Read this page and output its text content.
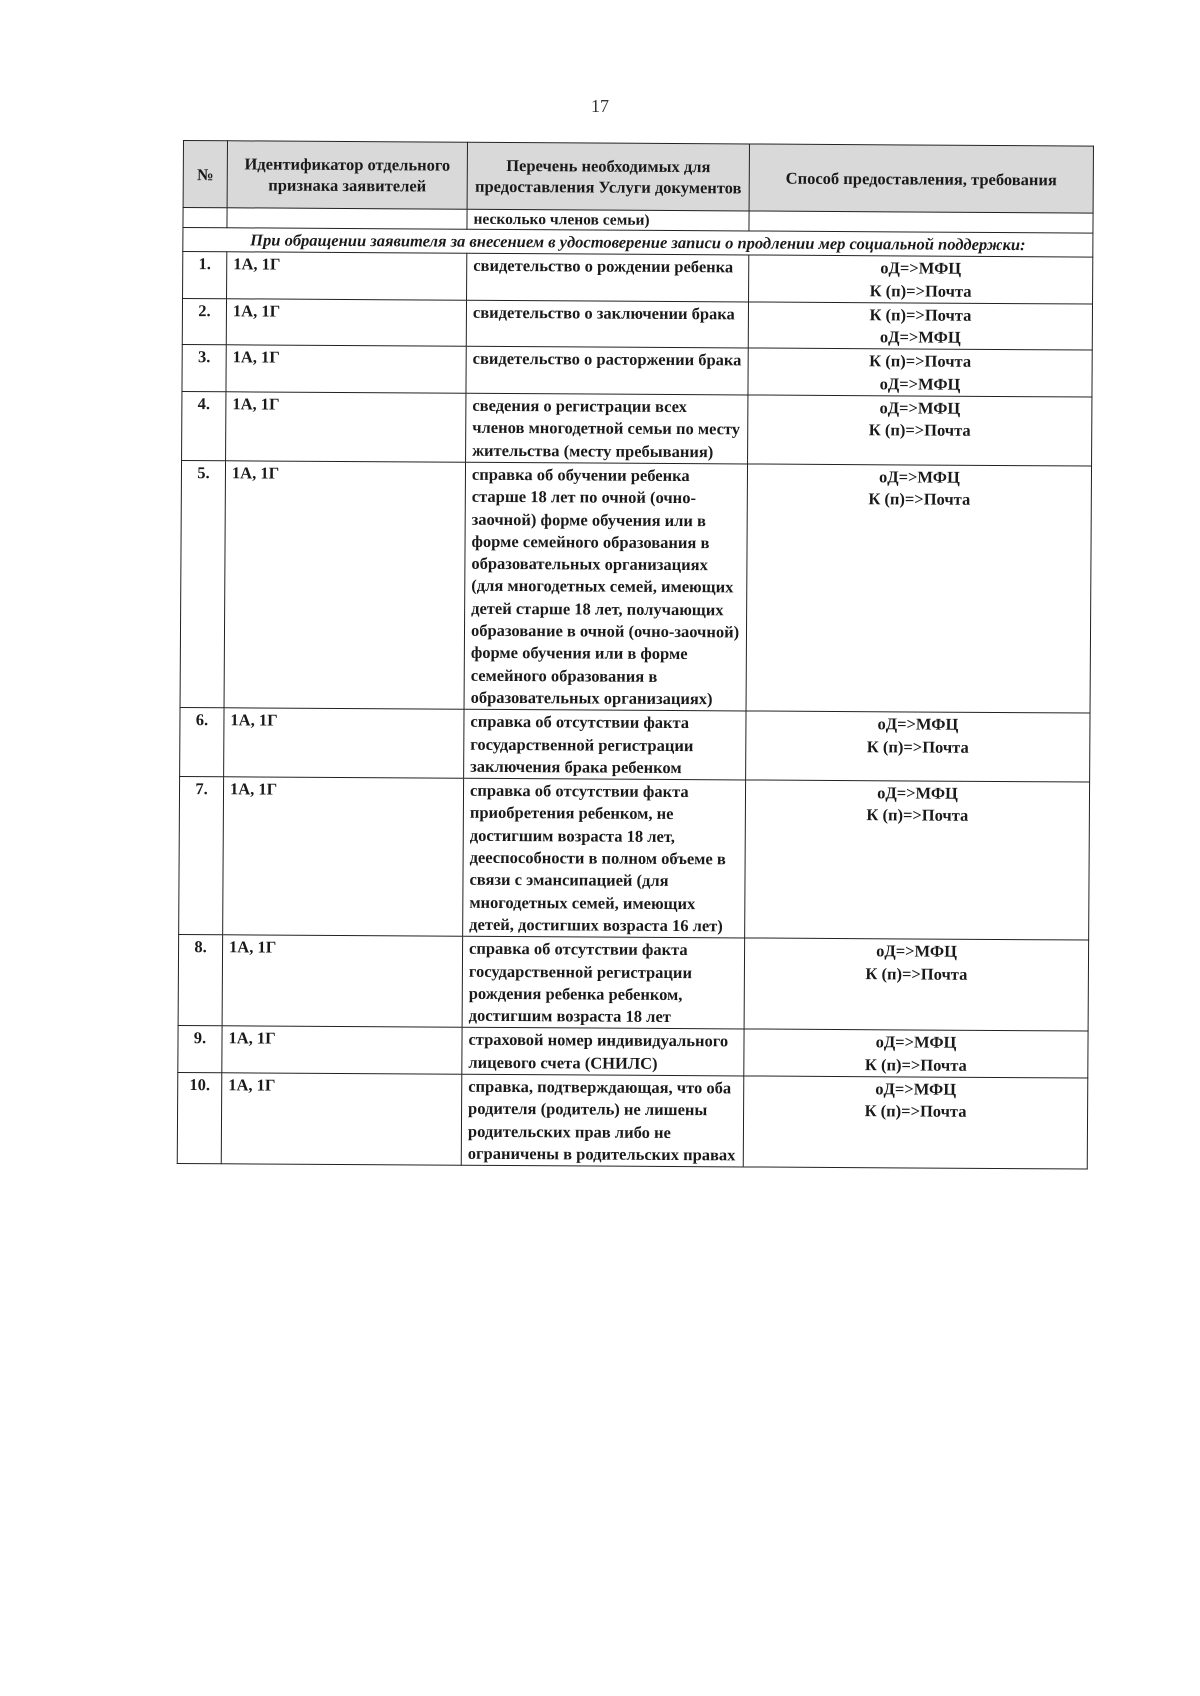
17
№	Идентификатор отдельного признака заявителей	Перечень необходимых для предоставления Услуги документов	Способ предоставления, требования
		несколько членов семьи)	
При обращении заявителя за внесением в удостоверение записи о продлении мер социальной поддержки:			
1.	1А, 1Г	свидетельство о рождении ребенка	оД=>МФЦ
К (п)=>Почта

2.	1А, 1Г	свидетельство о заключении брака	К (п)=>Почта
оД=>МФЦ

3.	1А, 1Г	свидетельство о расторжении брака	К (п)=>Почта
оД=>МФЦ

4.	1А, 1Г	сведения о регистрации всех членов многодетной семьи по месту жительства (месту пребывания)	оД=>МФЦ
К (п)=>Почта

5.	1А, 1Г	справка об обучении ребенка старше 18 лет по очной (очно-заочной) форме обучения или в форме семейного образования в образовательных организациях (для многодетных семей, имеющих детей старше 18 лет, получающих образование в очной (очно-заочной) форме обучения или в форме семейного образования в образовательных организациях)	оД=>МФЦ
К (п)=>Почта

6.	1А, 1Г	справка об отсутствии факта государственной регистрации заключения брака ребенком	оД=>МФЦ
К (п)=>Почта

7.	1А, 1Г	справка об отсутствии факта приобретения ребенком, не достигшим возраста 18 лет, дееспособности в полном объеме в связи с эмансипацией (для многодетных семей, имеющих детей, достигших возраста 16 лет)	оД=>МФЦ
К (п)=>Почта

8.	1А, 1Г	справка об отсутствии факта государственной регистрации рождения ребенка ребенком, достигшим возраста 18 лет	оД=>МФЦ
К (п)=>Почта

9.	1А, 1Г	страховой номер индивидуального лицевого счета (СНИЛС)	оД=>МФЦ
К (п)=>Почта

10.	1А, 1Г	справка, подтверждающая, что оба родителя (родитель) не лишены родительских прав либо не ограничены в родительских правах	оД=>МФЦ
К (п)=>Почта
